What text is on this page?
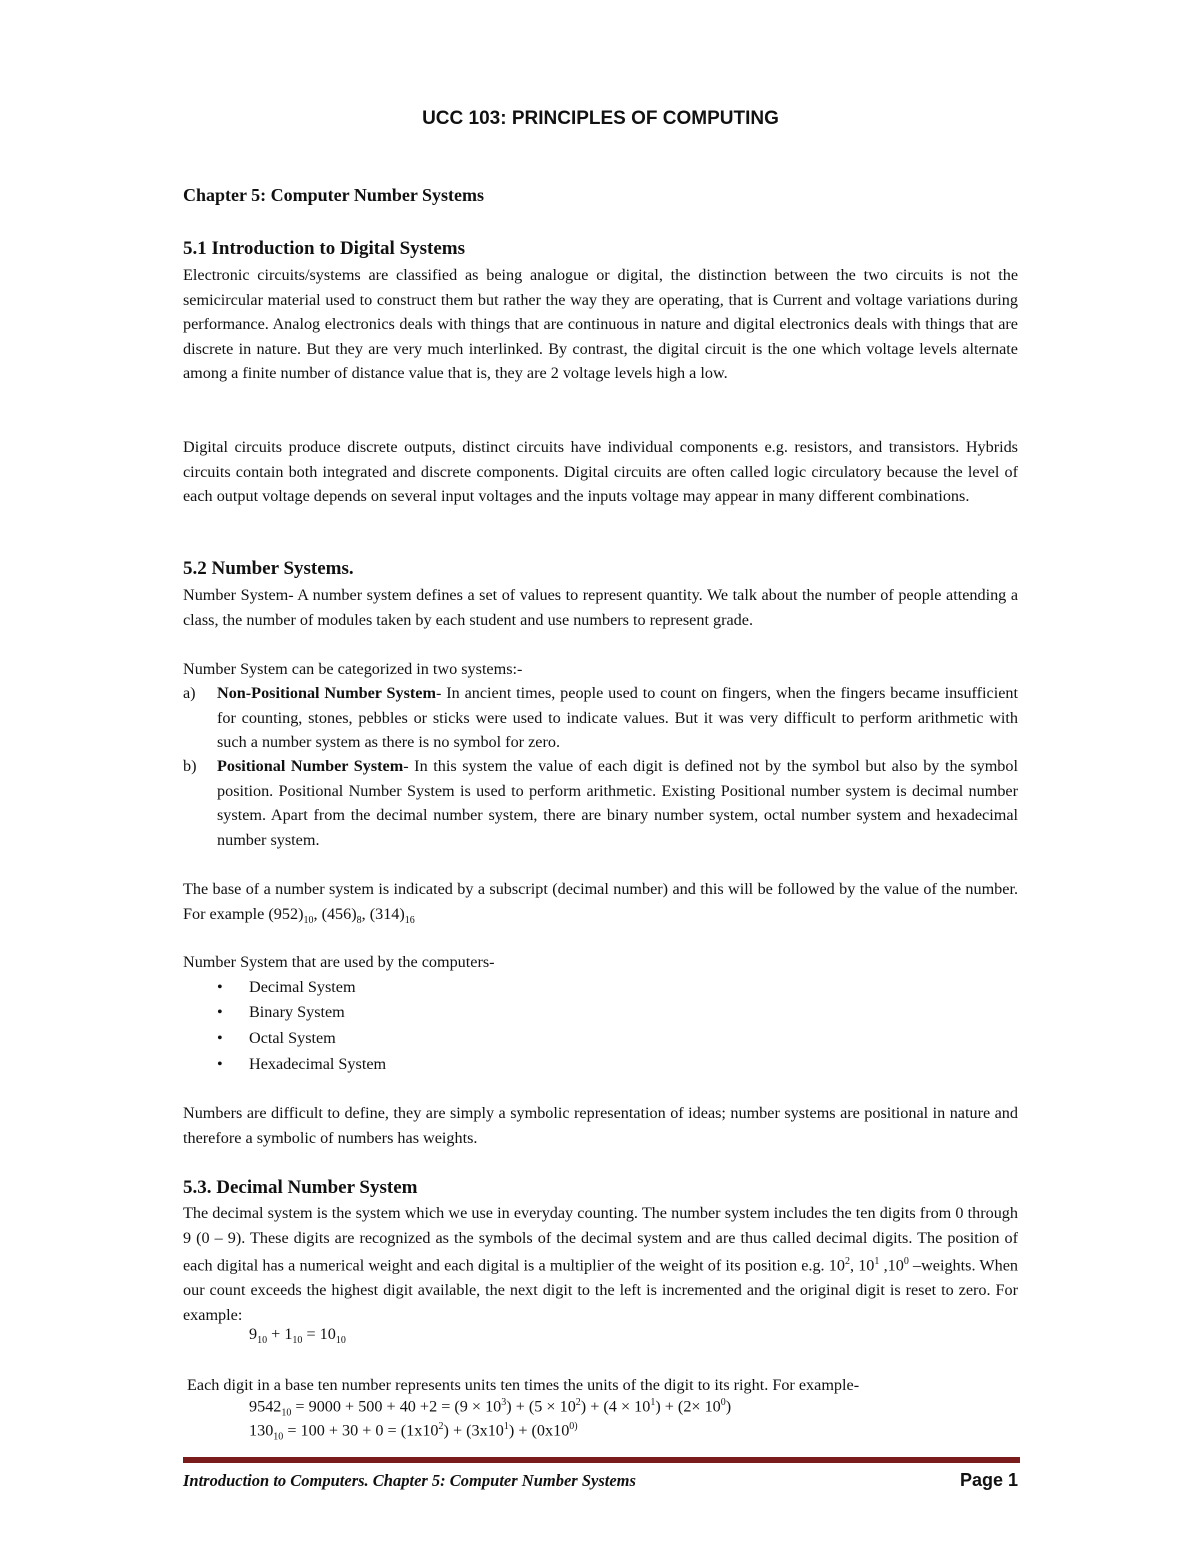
UCC 103: PRINCIPLES OF COMPUTING
Chapter 5: Computer Number Systems
5.1 Introduction to Digital Systems

Electronic circuits/systems are classified as being analogue or digital, the distinction between the two circuits is not the semicircular material used to construct them but rather the way they are operating, that is Current and voltage variations during performance. Analog electronics deals with things that are continuous in nature and digital electronics deals with things that are discrete in nature. But they are very much interlinked. By contrast, the digital circuit is the one which voltage levels alternate among a finite number of distance value that is, they are 2 voltage levels high a low.

Digital circuits produce discrete outputs, distinct circuits have individual components e.g. resistors, and transistors. Hybrids circuits contain both integrated and discrete components. Digital circuits are often called logic circulatory because the level of each output voltage depends on several input voltages and the inputs voltage may appear in many different combinations.

5.2 Number Systems.

Number System- A number system defines a set of values to represent quantity. We talk about the number of people attending a class, the number of modules taken by each student and use numbers to represent grade.

Number System can be categorized in two systems:-

a) Non-Positional Number System- In ancient times, people used to count on fingers, when the fingers became insufficient for counting, stones, pebbles or sticks were used to indicate values. But it was very difficult to perform arithmetic with such a number system as there is no symbol for zero.
b) Positional Number System- In this system the value of each digit is defined not by the symbol but also by the symbol position. Positional Number System is used to perform arithmetic. Existing Positional number system is decimal number system. Apart from the decimal number system, there are binary number system, octal number system and hexadecimal number system.

The base of a number system is indicated by a subscript (decimal number) and this will be followed by the value of the number. For example $(952)_{10}$, $(456)_8$, $(314)_{16}$

Number System that are used by the computers-

• Decimal System
• Binary System
• Octal System
• Hexadecimal System

Numbers are difficult to define, they are simply a symbolic representation of ideas; number systems are positional in nature and therefore a symbolic of numbers has weights.

5.3. Decimal Number System

The decimal system is the system which we use in everyday counting. The number system includes the ten digits from 0 through 9 (0 – 9). These digits are recognized as the symbols of the decimal system and are thus called decimal digits. The position of each digital has a numerical weight and each digital is a multiplier of the weight of its position e.g. $10^2$, $10^1$ $,10^0$ –weights. When our count exceeds the highest digit available, the next digit to the left is incremented and the original digit is reset to zero. For example:

$9_{10} + 1_{10} = 10_{10}$

Each digit in a base ten number represents units ten times the units of the digit to its right. For example-

$9542_{10} = 9000 + 500 + 40 +2 = (9 \times 10^3) + (5 \times 10^2) + (4 \times 10^1) + (2\times 10^0)$
$130_{10} = 100 + 30 + 0 = (1x10^2) + (3x10^1) + (0x10^{0)}$
Introduction to Computers. Chapter 5: Computer Number Systems	Page 1
